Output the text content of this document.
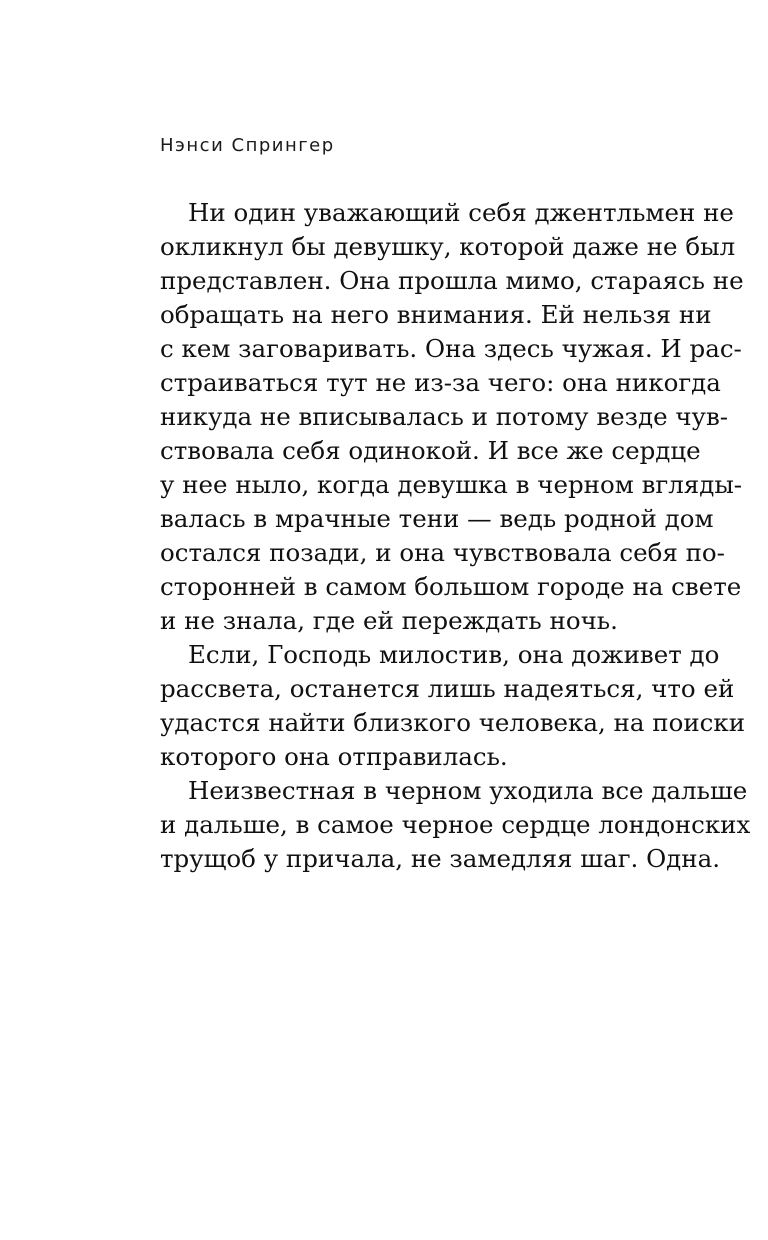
Нэнси Спрингер
Ни один уважающий себя джентльмен не
окликнул бы девушку, которой даже не был
представлен. Она прошла мимо, стараясь не
обращать на него внимания. Ей нельзя ни
с кем заговаривать. Она здесь чужая. И рас-
страиваться тут не из-за чего: она никогда
никуда не вписывалась и потому везде чув-
ствовала себя одинокой. И все же сердце
у нее ныло, когда девушка в черном вгляды-
валась в мрачные тени — ведь родной дом
остался позади, и она чувствовала себя по-
сторонней в самом большом городе на свете
и не знала, где ей переждать ночь.
Если, Господь милостив, она доживет до
рассвета, останется лишь надеяться, что ей
удастся найти близкого человека, на поиски
которого она отправилась.
Неизвестная в черном уходила все дальше
и дальше, в самое черное сердце лондонских
трущоб у причала, не замедляя шаг. Одна.
